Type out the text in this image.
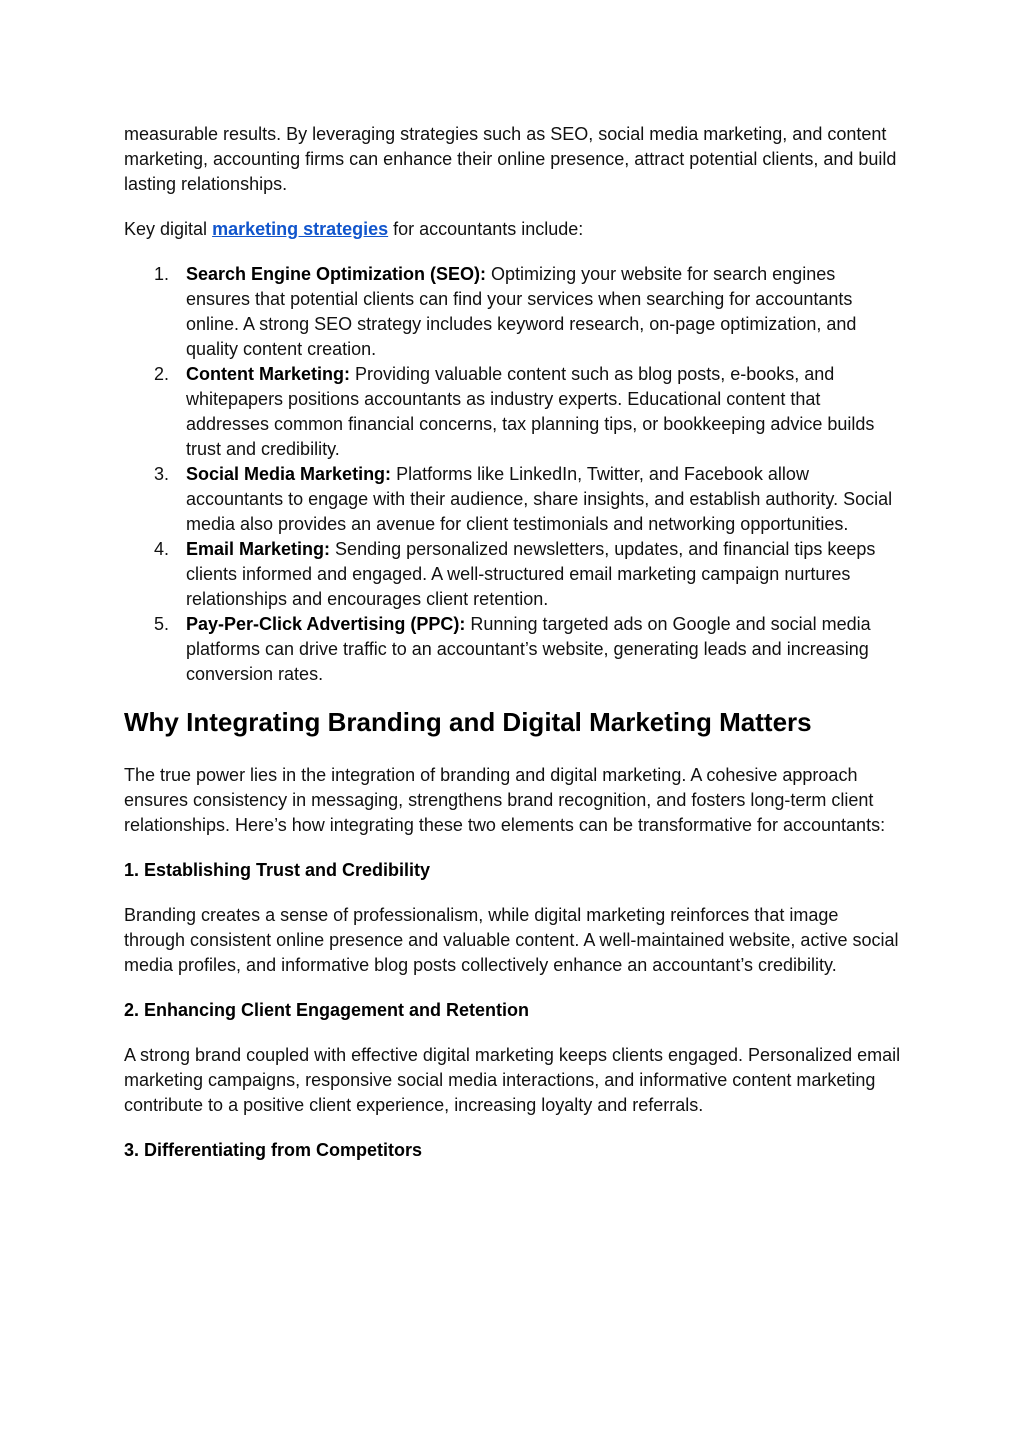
measurable results. By leveraging strategies such as SEO, social media marketing, and content marketing, accounting firms can enhance their online presence, attract potential clients, and build lasting relationships.

Key digital marketing strategies for accountants include:

1. Search Engine Optimization (SEO): Optimizing your website for search engines ensures that potential clients can find your services when searching for accountants online. A strong SEO strategy includes keyword research, on-page optimization, and quality content creation.
2. Content Marketing: Providing valuable content such as blog posts, e-books, and whitepapers positions accountants as industry experts. Educational content that addresses common financial concerns, tax planning tips, or bookkeeping advice builds trust and credibility.
3. Social Media Marketing: Platforms like LinkedIn, Twitter, and Facebook allow accountants to engage with their audience, share insights, and establish authority. Social media also provides an avenue for client testimonials and networking opportunities.
4. Email Marketing: Sending personalized newsletters, updates, and financial tips keeps clients informed and engaged. A well-structured email marketing campaign nurtures relationships and encourages client retention.
5. Pay-Per-Click Advertising (PPC): Running targeted ads on Google and social media platforms can drive traffic to an accountant’s website, generating leads and increasing conversion rates.
Why Integrating Branding and Digital Marketing Matters

The true power lies in the integration of branding and digital marketing. A cohesive approach ensures consistency in messaging, strengthens brand recognition, and fosters long-term client relationships. Here’s how integrating these two elements can be transformative for accountants:

1. Establishing Trust and Credibility

Branding creates a sense of professionalism, while digital marketing reinforces that image through consistent online presence and valuable content. A well-maintained website, active social media profiles, and informative blog posts collectively enhance an accountant’s credibility.

2. Enhancing Client Engagement and Retention

A strong brand coupled with effective digital marketing keeps clients engaged. Personalized email marketing campaigns, responsive social media interactions, and informative content marketing contribute to a positive client experience, increasing loyalty and referrals.

3. Differentiating from Competitors
